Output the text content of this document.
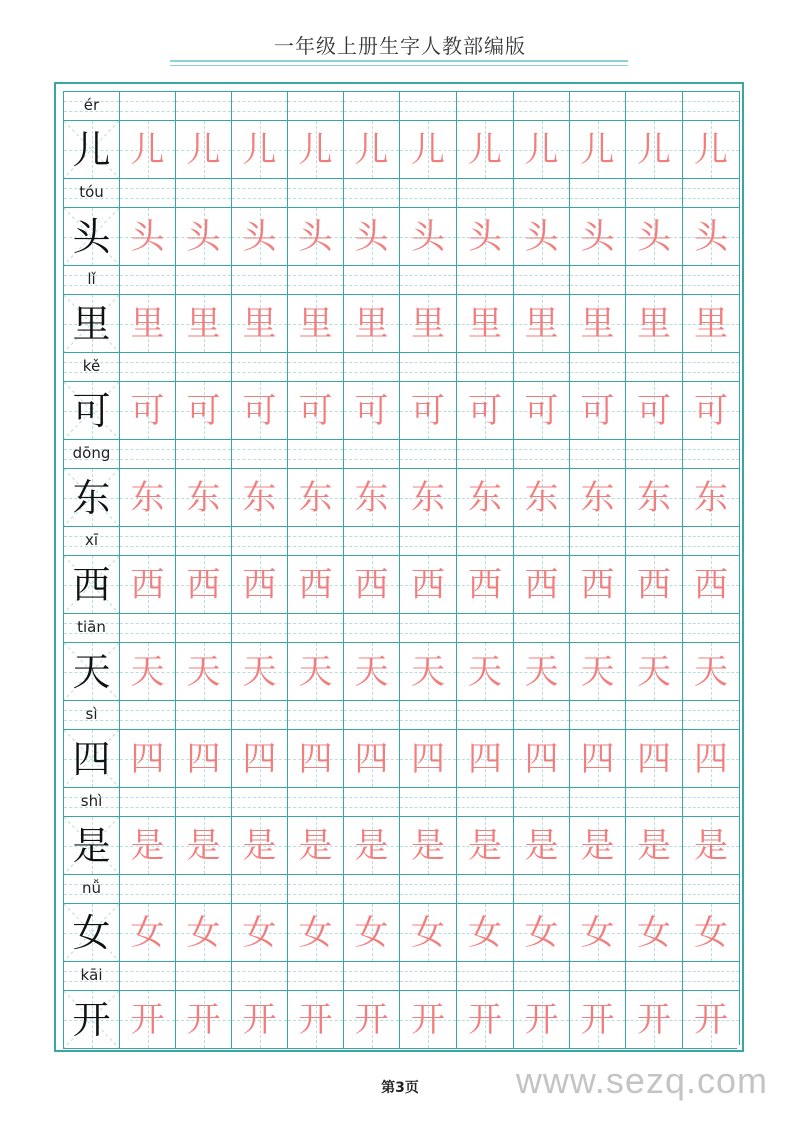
一年级上册生字人教部编版
ér
儿 儿 儿 儿 儿 儿 儿 儿 儿 儿 儿 儿
tóu
头 头 头 头 头 头 头 头 头 头 头 头
lǐ
里 里 里 里 里 里 里 里 里 里 里 里
kě
可 可 可 可 可 可 可 可 可 可 可 可
dōng
东 东 东 东 东 东 东 东 东 东 东 东
xī
西 西 西 西 西 西 西 西 西 西 西 西
tiān
天 天 天 天 天 天 天 天 天 天 天 天
sì
四 四 四 四 四 四 四 四 四 四 四 四
shì
是 是 是 是 是 是 是 是 是 是 是 是
nǚ
女 女 女 女 女 女 女 女 女 女 女 女
kāi
开 开 开 开 开 开 开 开 开 开 开 开
第3页	www.sezq.com
